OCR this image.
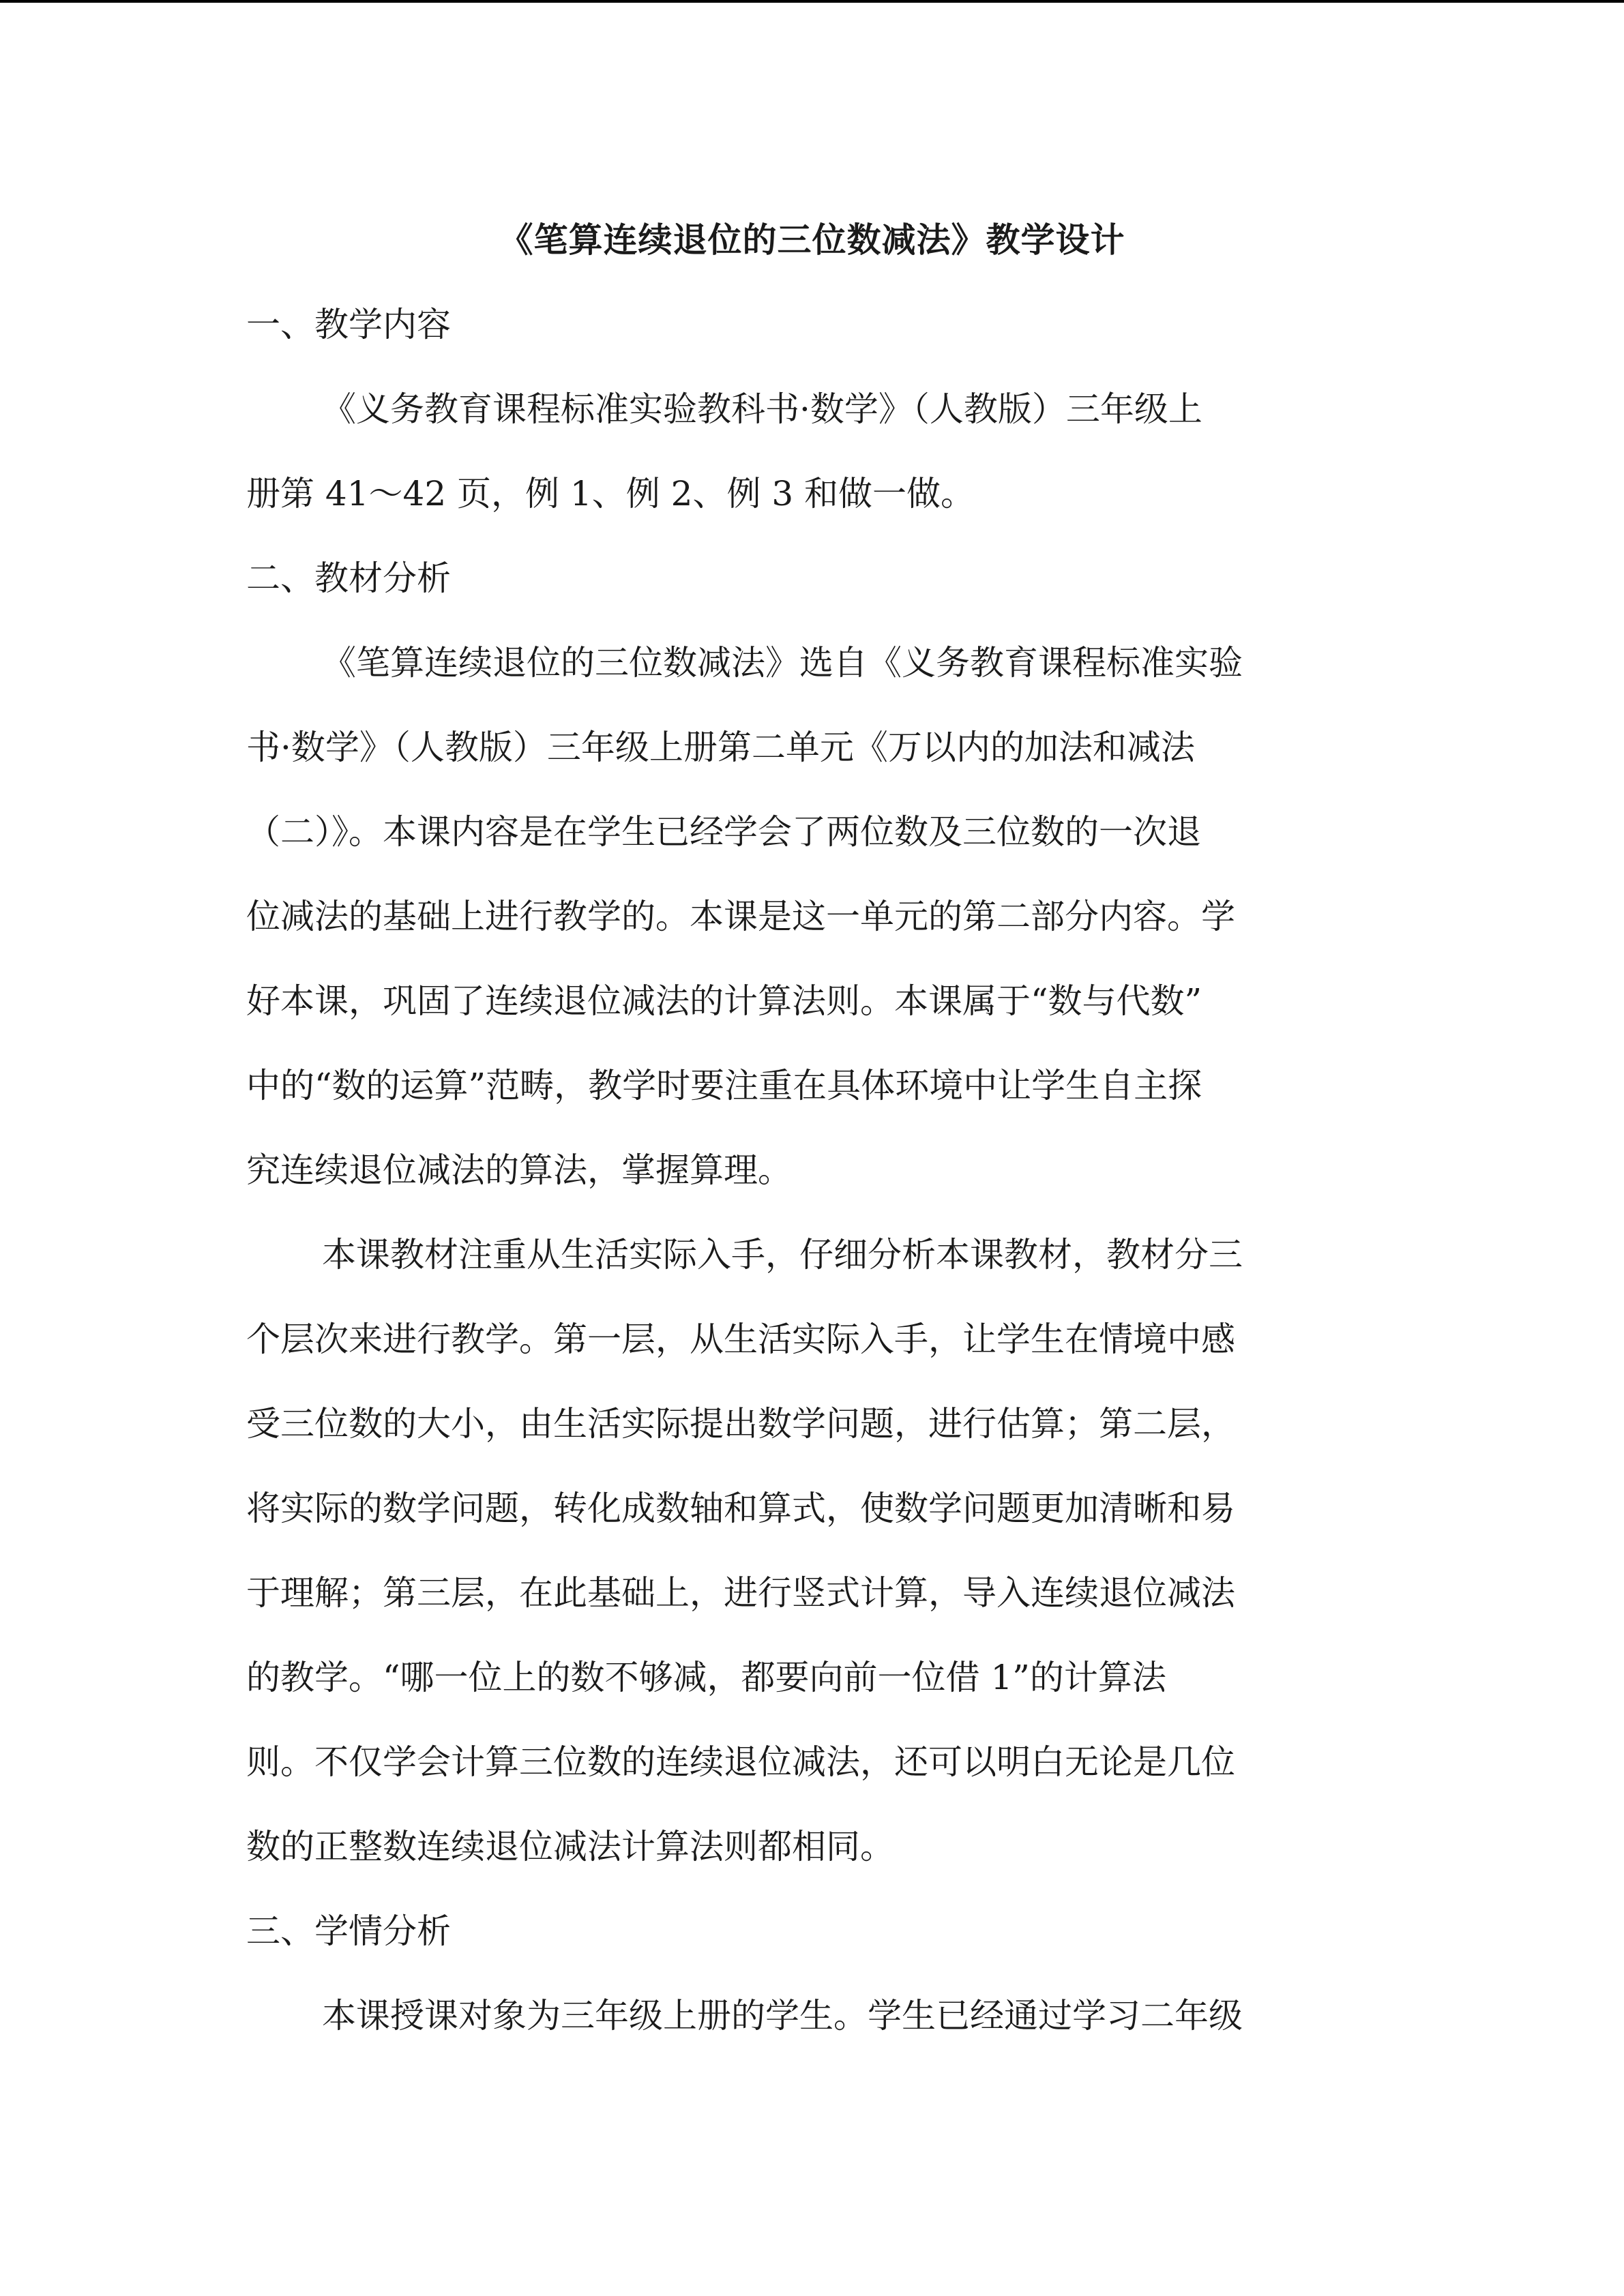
《笔算连续退位的三位数减法》教学设计
一、教学内容
《义务教育课程标准实验教科书·数学》（人教版）三年级上
册第 41～42 页，例 1、例 2、例 3 和做一做。
二、教材分析
《笔算连续退位的三位数减法》选自《义务教育课程标准实验
书·数学》（人教版）三年级上册第二单元《万以内的加法和减法
（二）》。本课内容是在学生已经学会了两位数及三位数的一次退
位减法的基础上进行教学的。本课是这一单元的第二部分内容。学
好本课，巩固了连续退位减法的计算法则。本课属于“数与代数”
中的“数的运算”范畴，教学时要注重在具体环境中让学生自主探
究连续退位减法的算法，掌握算理。
本课教材注重从生活实际入手，仔细分析本课教材，教材分三
个层次来进行教学。第一层，从生活实际入手，让学生在情境中感
受三位数的大小，由生活实际提出数学问题，进行估算；第二层，
将实际的数学问题，转化成数轴和算式，使数学问题更加清晰和易
于理解；第三层，在此基础上，进行竖式计算，导入连续退位减法
的教学。“哪一位上的数不够减，都要向前一位借 1”的计算法
则。不仅学会计算三位数的连续退位减法，还可以明白无论是几位
数的正整数连续退位减法计算法则都相同。
三、学情分析
本课授课对象为三年级上册的学生。学生已经通过学习二年级
